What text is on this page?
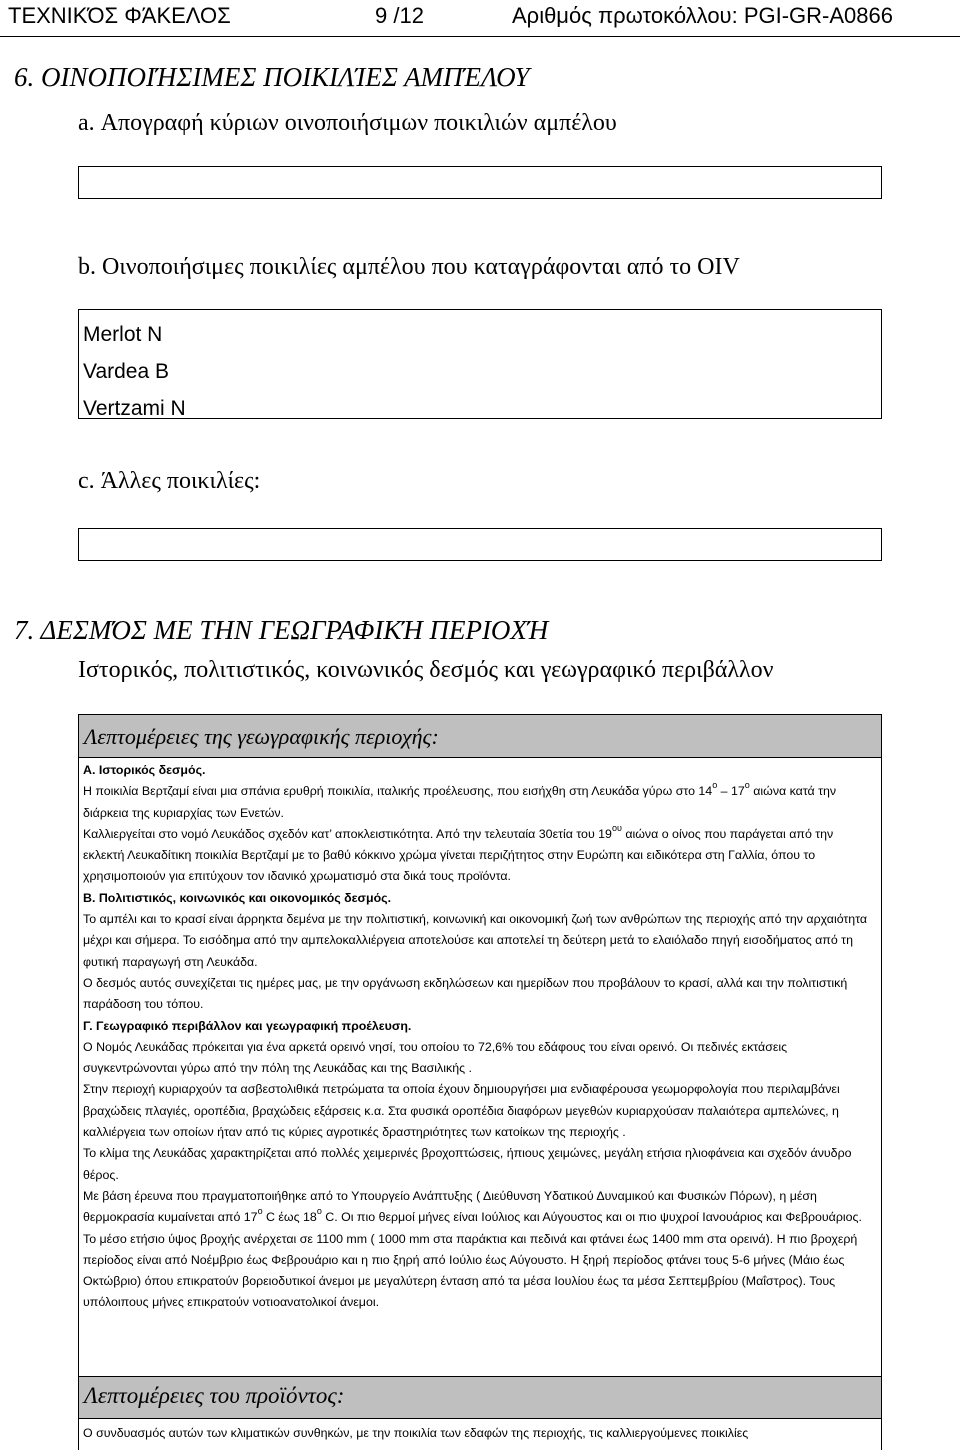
ΤΕΧΝΙΚΌΣ ΦΆΚΕΛΟΣ	9 /12	Αριθμός πρωτοκόλλου: PGI-GR-A0866
6. ΟΙΝΟΠΟΙΉΣΙΜΕΣ ΠΟΙΚΙΛΊΕΣ ΑΜΠΈΛΟΥ
a. Απογραφή κύριων οινοποιήσιμων ποικιλιών αμπέλου
b. Οινοποιήσιμες ποικιλίες αμπέλου που καταγράφονται από το OIV
Merlot N
Vardea B
Vertzami N
c. Άλλες ποικιλίες:
7. ΔΕΣΜΌΣ ΜΕ ΤΗΝ ΓΕΩΓΡΑΦΙΚΉ ΠΕΡΙΟΧΉ
Ιστορικός, πολιτιστικός, κοινωνικός δεσμός και γεωγραφικό περιβάλλον
Λεπτομέρειες της γεωγραφικής περιοχής:

Α. Ιστορικός δεσμός.

Η ποικιλία Βερτζαμί είναι μια σπάνια ερυθρή ποικιλία, ιταλικής προέλευσης, που εισήχθη στη Λευκάδα γύρω στο $14^o - 17^o$ αιώνα κατά την διάρκεια της κυριαρχίας των Ενετών.

Καλλιεργείται στο νομό Λευκάδος σχεδόν κατ’ αποκλειστικότητα. Από την τελευταία 30ετία του $19^{o\upsilon}$ αιώνα ο οίνος που παράγεται από την εκλεκτή Λευκαδίτικη ποικιλία Βερτζαμί με το βαθύ κόκκινο χρώμα γίνεται περιζήτητος στην Ευρώπη και ειδικότερα στη Γαλλία, όπου το χρησιμοποιούν για επιτύχουν τον ιδανικό χρωματισμό στα δικά τους προϊόντα.

Β. Πολιτιστικός, κοινωνικός και οικονομικός δεσμός.

Το αμπέλι και το κρασί είναι άρρηκτα δεμένα με την πολιτιστική, κοινωνική και οικονομική ζωή των ανθρώπων της περιοχής από την αρχαιότητα μέχρι και σήμερα. Το εισόδημα από την αμπελοκαλλιέργεια αποτελούσε και αποτελεί τη δεύτερη μετά το ελαιόλαδο πηγή εισοδήματος από τη φυτική παραγωγή στη Λευκάδα.

Ο δεσμός αυτός συνεχίζεται τις ημέρες μας, με την οργάνωση εκδηλώσεων και ημερίδων που προβάλουν το κρασί, αλλά και την πολιτιστική παράδοση του τόπου.

Γ. Γεωγραφικό περιβάλλον και γεωγραφική προέλευση.

Ο Νομός Λευκάδας πρόκειται για ένα αρκετά ορεινό νησί, του οποίου το 72,6% του εδάφους του είναι ορεινό. Οι πεδινές εκτάσεις συγκεντρώνονται γύρω από την πόλη της Λευκάδας και της Βασιλικής .

Στην περιοχή κυριαρχούν τα ασβεστολιθικά πετρώματα τα οποία έχουν δημιουργήσει μια ενδιαφέρουσα γεωμορφολογία που περιλαμβάνει βραχώδεις πλαγιές, οροπέδια, βραχώδεις εξάρσεις κ.α. Στα φυσικά οροπέδια διαφόρων μεγεθών κυριαρχούσαν παλαιότερα αμπελώνες, η καλλιέργεια των οποίων ήταν από τις κύριες αγροτικές δραστηριότητες των κατοίκων της περιοχής .

Το κλίμα της Λευκάδας χαρακτηρίζεται από πολλές χειμερινές βροχοπτώσεις, ήπιους χειμώνες, μεγάλη ετήσια ηλιοφάνεια και σχεδόν άνυδρο θέρος.

Με βάση έρευνα που πραγματοποιήθηκε από το Υπουργείο Ανάπτυξης ( Διεύθυνση Υδατικού Δυναμικού και Φυσικών Πόρων), η μέση θερμοκρασία κυμαίνεται από $17^o$ C έως $18^o$ C. Οι πιο θερμοί μήνες είναι Ιούλιος και Αύγουστος και οι πιο ψυχροί Ιανουάριος και Φεβρουάριος. Το μέσο ετήσιο ύψος βροχής ανέρχεται σε 1100 mm ( 1000 mm στα παράκτια και πεδινά και φτάνει έως 1400 mm στα ορεινά). Η πιο βροχερή περίοδος είναι από Νοέμβριο έως Φεβρουάριο και η πιο ξηρή από Ιούλιο έως Αύγουστο. Η ξηρή περίοδος φτάνει τους 5-6 μήνες (Μάιο έως Οκτώβριο) όπου επικρατούν βορειοδυτικοί άνεμοι με μεγαλύτερη ένταση από τα μέσα Ιουλίου έως τα μέσα Σεπτεμβρίου (Μαΐστρος). Τους υπόλοιπους μήνες επικρατούν νοτιοανατολικοί άνεμοι.

Λεπτομέρειες του προϊόντος:
Ο συνδυασμός αυτών των κλιματικών συνθηκών, με την ποικιλία των εδαφών της περιοχής, τις καλλιεργούμενες ποικιλίες
